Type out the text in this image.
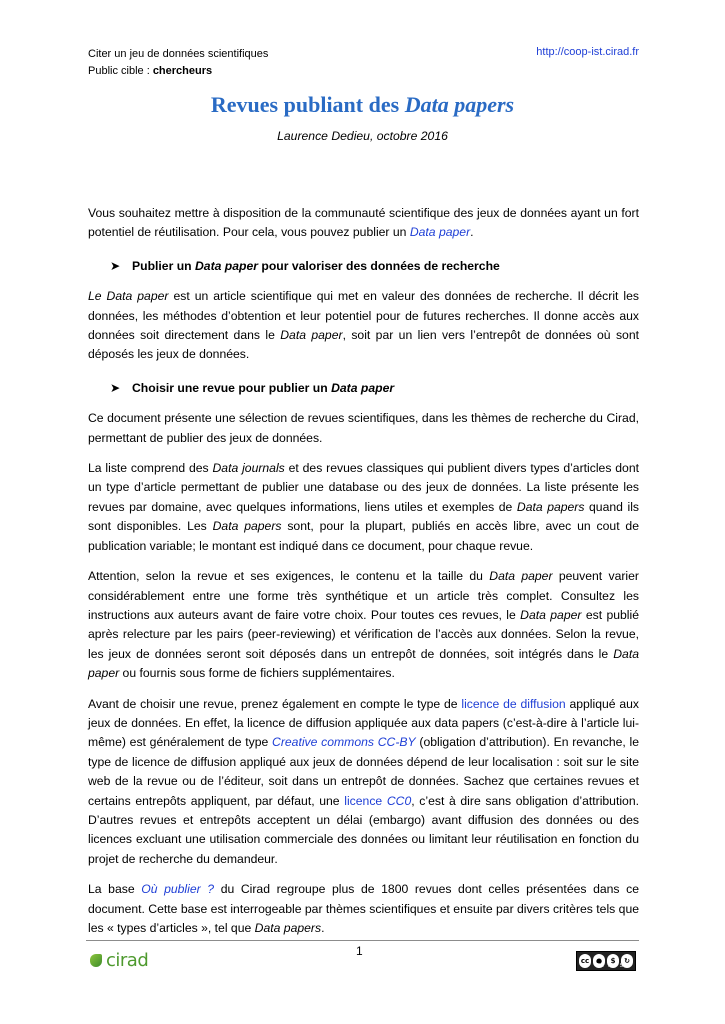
Citer un jeu de données scientifiques
Public cible : chercheurs
http://coop-ist.cirad.fr
Revues publiant des Data papers
Laurence Dedieu, octobre 2016

Vous souhaitez mettre à disposition de la communauté scientifique des jeux de données ayant un fort potentiel de réutilisation. Pour cela, vous pouvez publier un Data paper.

➤ Publier un Data paper pour valoriser des données de recherche

Le Data paper est un article scientifique qui met en valeur des données de recherche. Il décrit les données, les méthodes d’obtention et leur potentiel pour de futures recherches. Il donne accès aux données soit directement dans le Data paper, soit par un lien vers l’entrepôt de données où sont déposés les jeux de données.

➤ Choisir une revue pour publier un Data paper

Ce document présente une sélection de revues scientifiques, dans les thèmes de recherche du Cirad, permettant de publier des jeux de données.

La liste comprend des Data journals et des revues classiques qui publient divers types d’articles dont un type d’article permettant de publier une database ou des jeux de données. La liste présente les revues par domaine, avec quelques informations, liens utiles et exemples de Data papers quand ils sont disponibles. Les Data papers sont, pour la plupart, publiés en accès libre, avec un cout de publication variable; le montant est indiqué dans ce document, pour chaque revue.

Attention, selon la revue et ses exigences, le contenu et la taille du Data paper peuvent varier considérablement entre une forme très synthétique et un article très complet. Consultez les instructions aux auteurs avant de faire votre choix. Pour toutes ces revues, le Data paper est publié après relecture par les pairs (peer-reviewing) et vérification de l’accès aux données. Selon la revue, les jeux de données seront soit déposés dans un entrepôt de données, soit intégrés dans le Data paper ou fournis sous forme de fichiers supplémentaires.

Avant de choisir une revue, prenez également en compte le type de licence de diffusion appliqué aux jeux de données. En effet, la licence de diffusion appliquée aux data papers (c’est-à-dire à l’article lui-même) est généralement de type Creative commons CC-BY (obligation d’attribution). En revanche, le type de licence de diffusion appliqué aux jeux de données dépend de leur localisation : soit sur le site web de la revue ou de l’éditeur, soit dans un entrepôt de données. Sachez que certaines revues et certains entrepôts appliquent, par défaut, une licence CC0, c’est à dire sans obligation d’attribution. D’autres revues et entrepôts acceptent un délai (embargo) avant diffusion des données ou des licences excluant une utilisation commerciale des données ou limitant leur réutilisation en fonction du projet de recherche du demandeur.

La base Où publier ? du Cirad regroupe plus de 1800 revues dont celles présentées dans ce document. Cette base est interrogeable par thèmes scientifiques et ensuite par divers critères tels que les « types d’articles », tel que Data papers.

1
cirad	cc ●	$	↻
BY NC SA
